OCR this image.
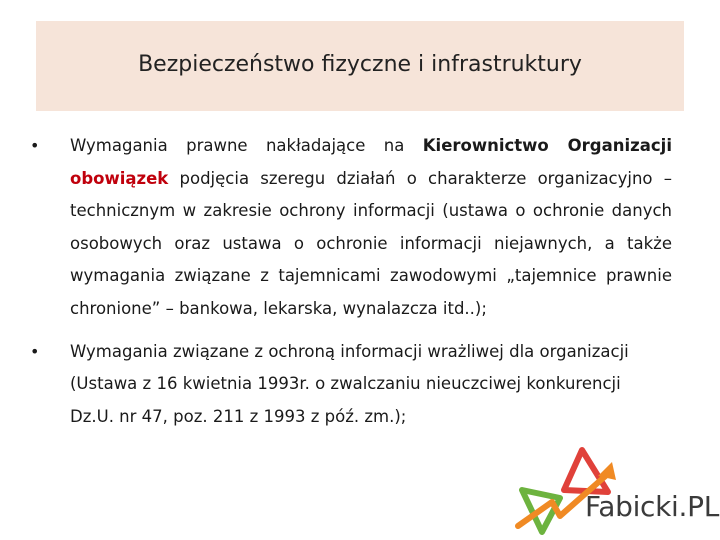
Bezpieczeństwo fizyczne i infrastruktury
• Wymagania prawne nakładające na Kierownictwo Organizacji obowiązek podjęcia szeregu działań o charakterze organizacyjno – technicznym w zakresie ochrony informacji (ustawa o ochronie danych osobowych oraz ustawa o ochronie informacji niejawnych, a także wymagania związane z tajemnicami zawodowymi „tajemnice prawnie chronione” – bankowa, lekarska, wynalazcza itd..);
• Wymagania związane z ochroną informacji wrażliwej dla organizacji
(Ustawa z 16 kwietnia 1993r. o zwalczaniu nieuczciwej konkurencji
Dz.U. nr 47, poz. 211 z 1993 z póź. zm.);
Fabicki.PL
